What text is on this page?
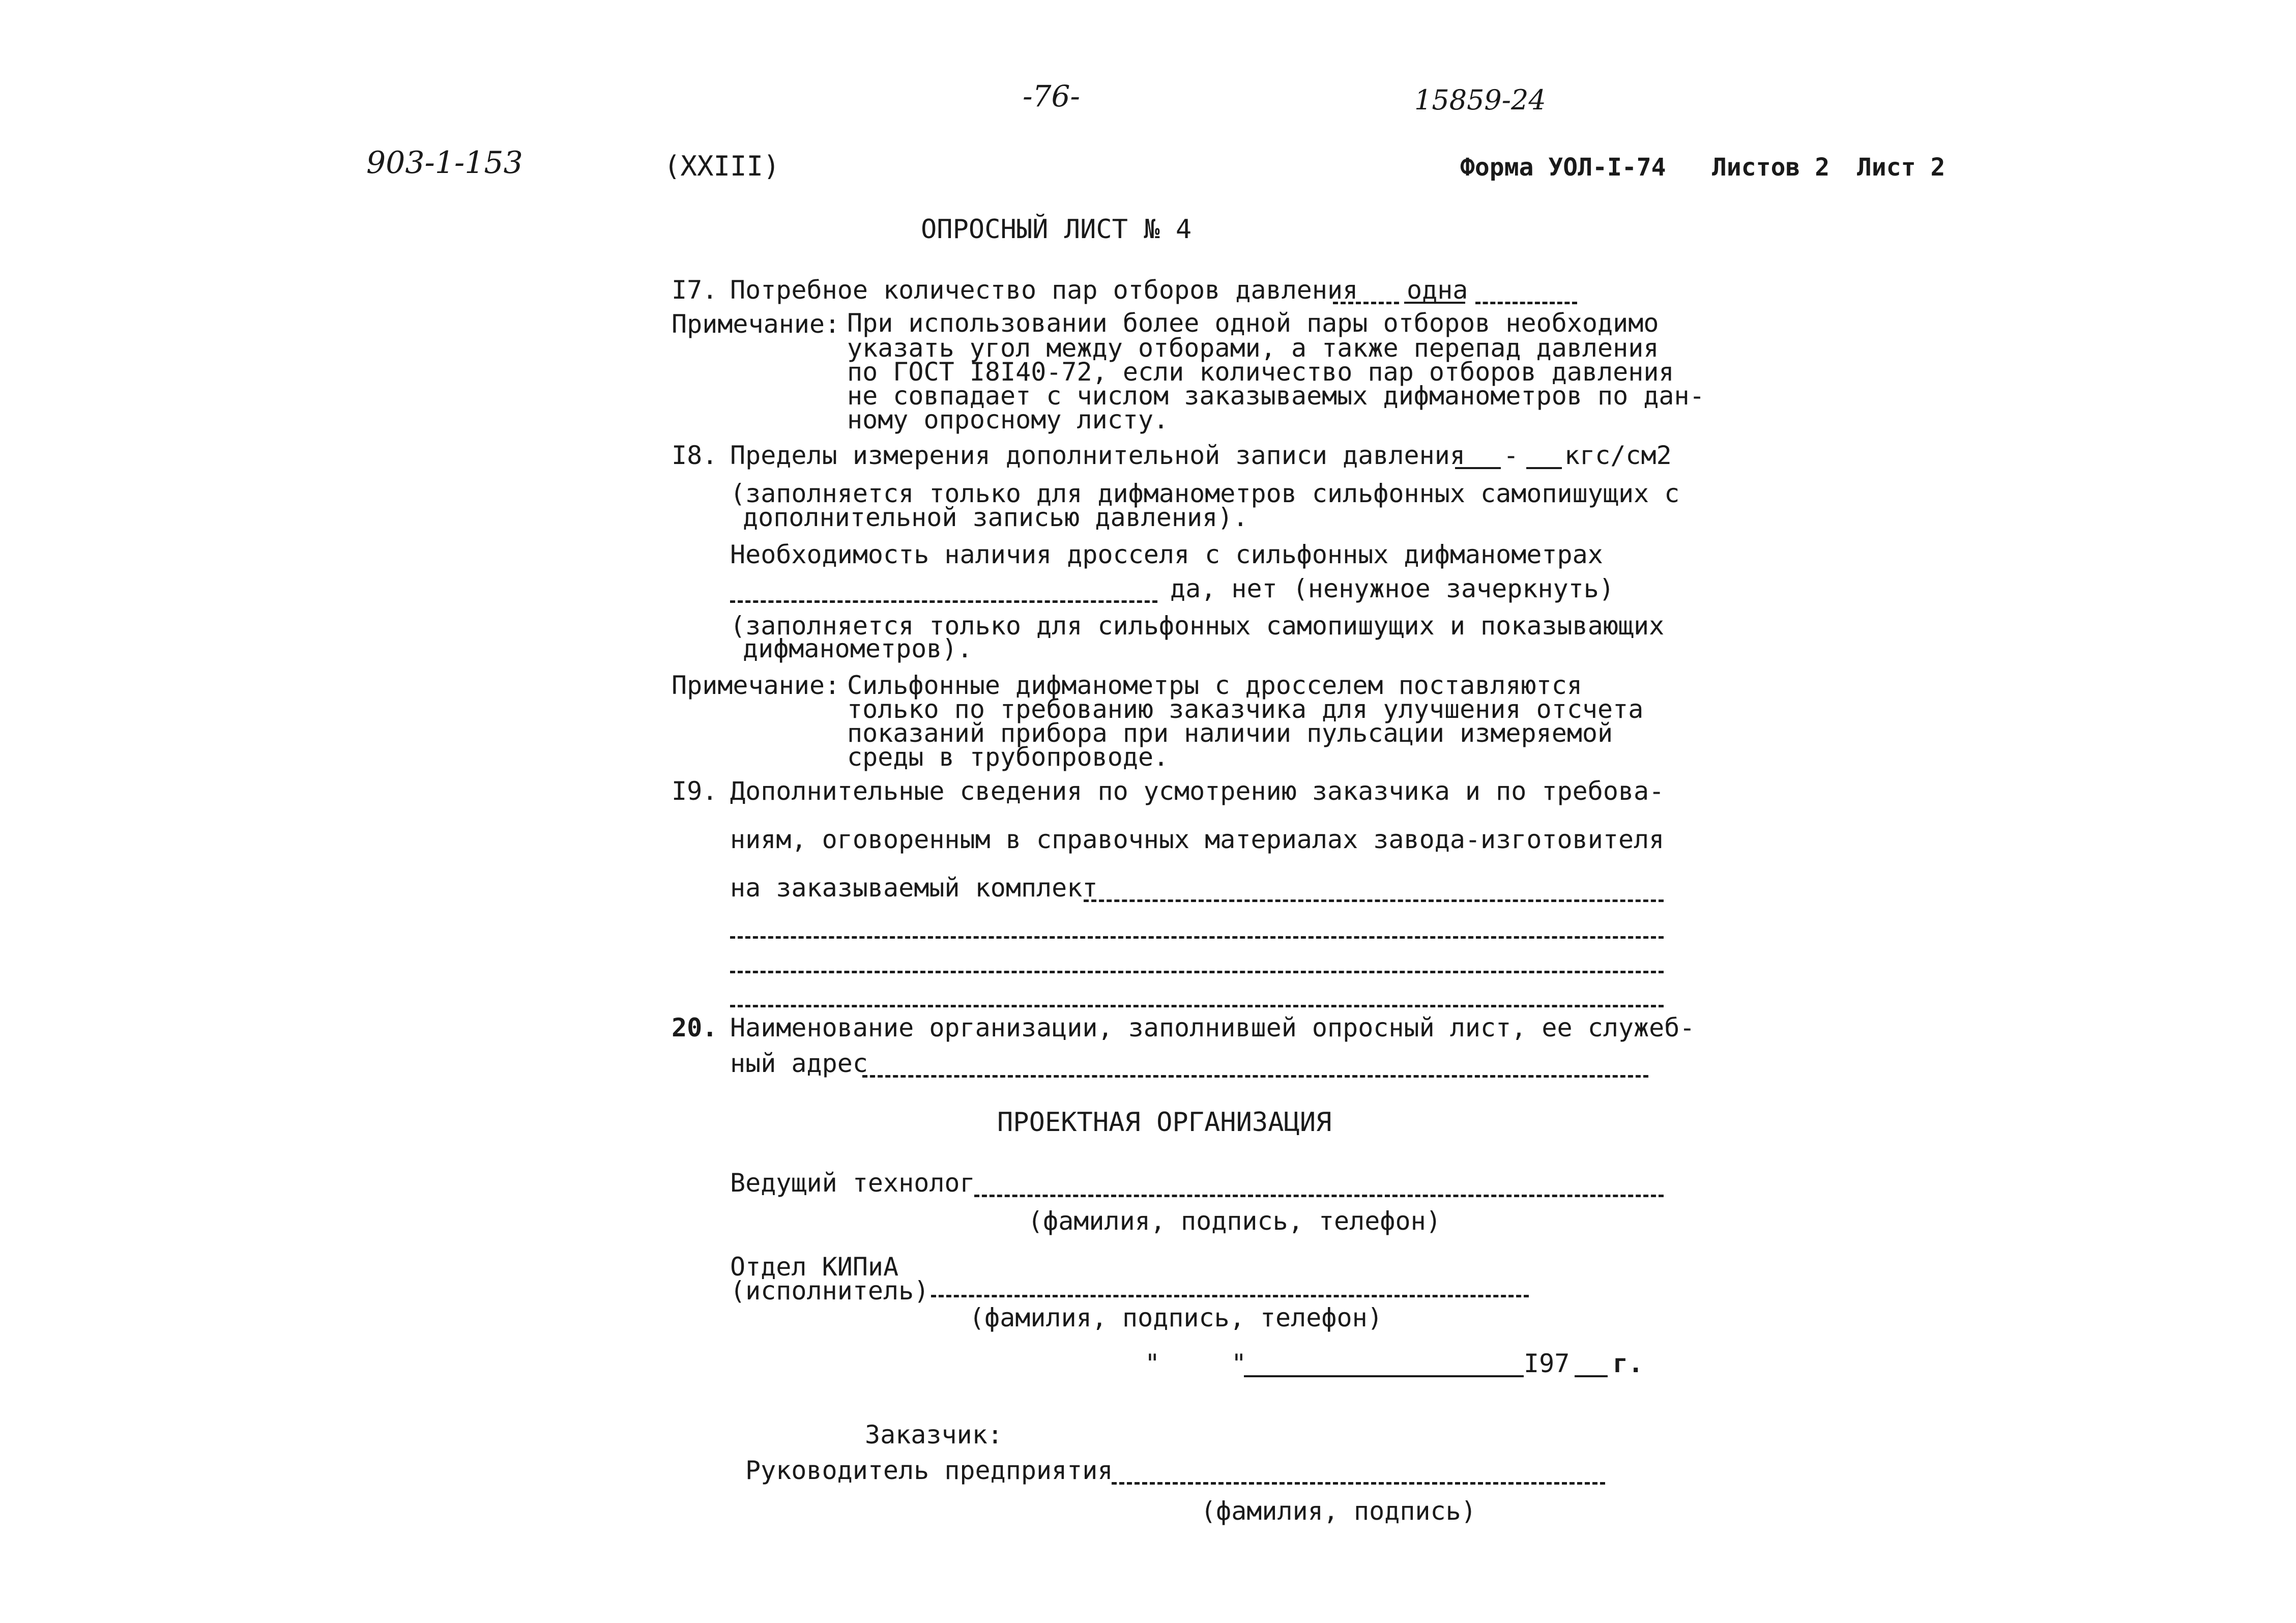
-76-	15859-24
903-1-153	(XXIII)	Форма УОЛ-I-74 Листов 2 Лист 2
ОПРОСНЫЙ ЛИСТ № 4
I7. Потребное количество пар отборов давления одна
Примечание: При использовании более одной пары отборов необходимо
указать угол между отборами, а также перепад давления
по ГОСТ I8I40-72, если количество пар отборов давления
не совпадает с числом заказываемых дифманометров по дан-
ному опросному листу.
I8. Пределы измерения дополнительной записи давления - кгс/см2
(заполняется только для дифманометров сильфонных самопишущих с
дополнительной записью давления).
Необходимость наличия дросселя с сильфонных дифманометрах
да, нет (ненужное зачеркнуть)
(заполняется только для сильфонных самопишущих и показывающих
дифманометров).
Примечание: Сильфонные дифманометры с дросселем поставляются
только по требованию заказчика для улучшения отсчета
показаний прибора при наличии пульсации измеряемой
среды в трубопроводе.
I9. Дополнительные сведения по усмотрению заказчика и по требова-
ниям, оговоренным в справочных материалах завода-изготовителя
на заказываемый комплект
20. Наименование организации, заполнившей опросный лист, ее служеб-
ный адрес
ПРОЕКТНАЯ ОРГАНИЗАЦИЯ
Ведущий технолог
(фамилия, подпись, телефон)
Отдел КИПиА
(исполнитель)
(фамилия, подпись, телефон)
"	"	I97 г.
Заказчик:
Руководитель предприятия
(фамилия, подпись)
